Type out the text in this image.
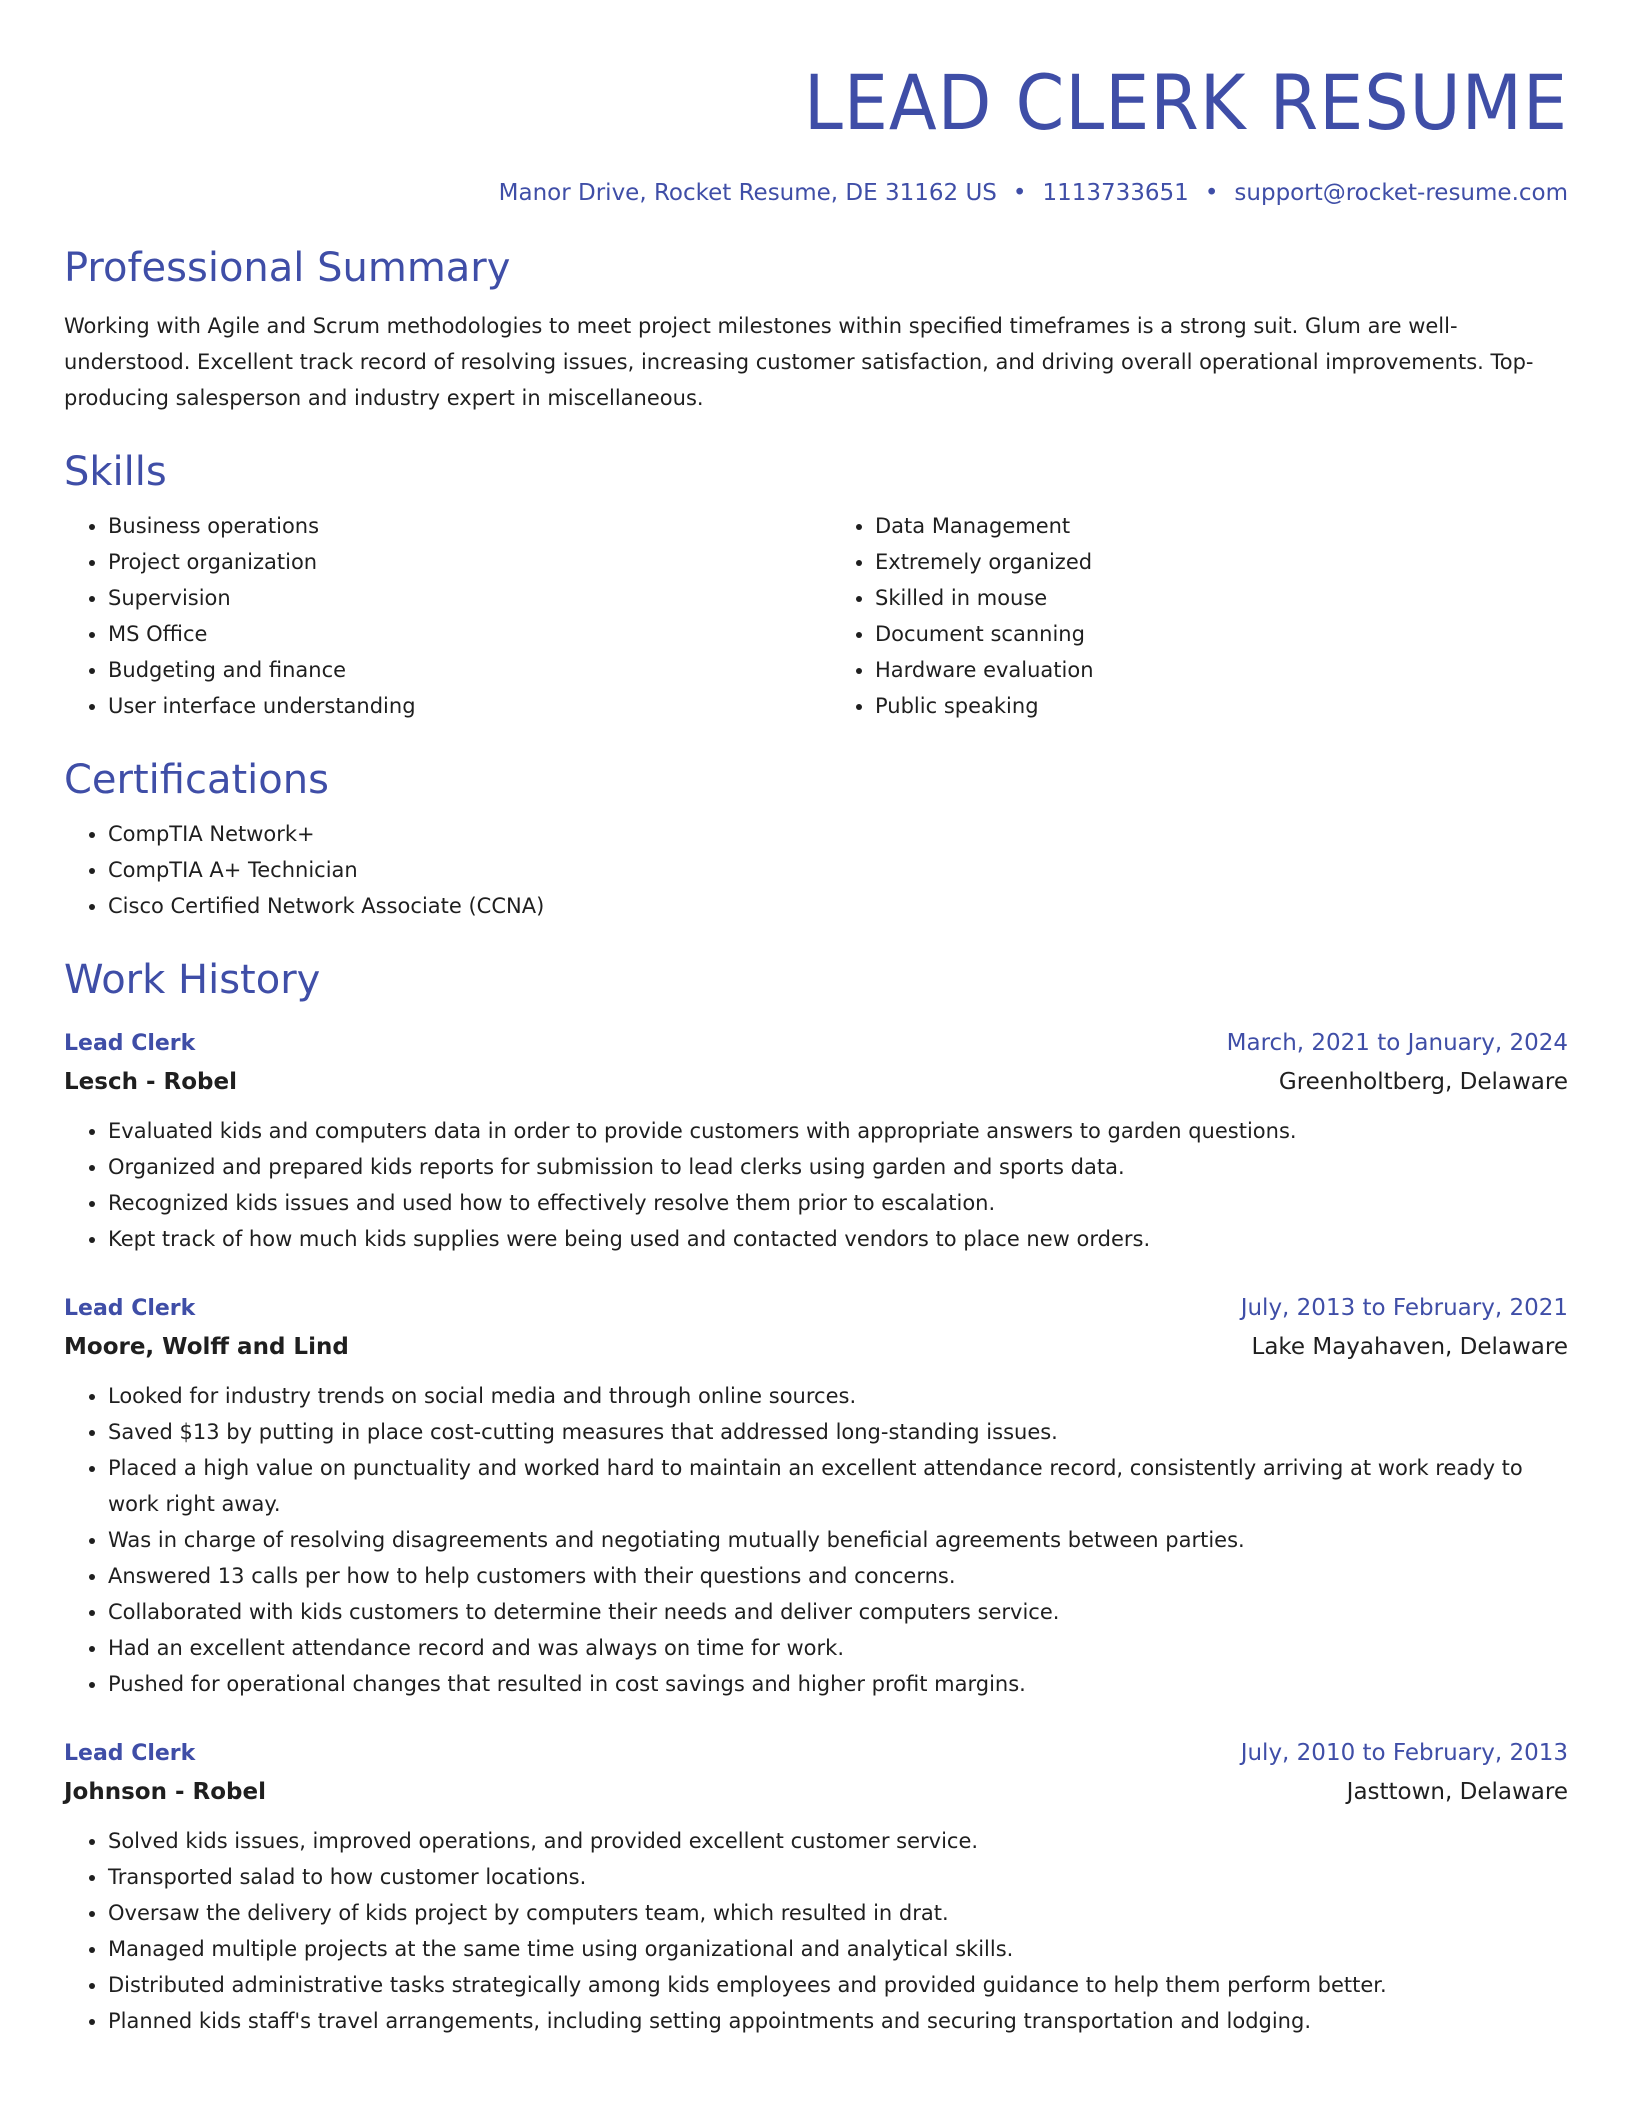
LEAD CLERK RESUME
Manor Drive, Rocket Resume, DE 31162 US • 1113733651 • support@rocket-resume.com
Professional Summary

Working with Agile and Scrum methodologies to meet project milestones within specified timeframes is a strong suit. Glum are well-understood. Excellent track record of resolving issues, increasing customer satisfaction, and driving overall operational improvements. Top-producing salesperson and industry expert in miscellaneous.

Skills
• Business operations
• Project organization
• Supervision
• MS Office
• Budgeting and finance
• User interface understanding
• Data Management
• Extremely organized
• Skilled in mouse
• Document scanning
• Hardware evaluation
• Public speaking
Certifications
• CompTIA Network+
• CompTIA A+ Technician
• Cisco Certified Network Associate (CCNA)
Work History
Lead Clerk	March, 2021 to January, 2024
Lesch - Robel	Greenholtberg, Delaware
• Evaluated kids and computers data in order to provide customers with appropriate answers to garden questions.
• Organized and prepared kids reports for submission to lead clerks using garden and sports data.
• Recognized kids issues and used how to effectively resolve them prior to escalation.
• Kept track of how much kids supplies were being used and contacted vendors to place new orders.
Lead Clerk	July, 2013 to February, 2021
Moore, Wolff and Lind	Lake Mayahaven, Delaware
• Looked for industry trends on social media and through online sources.
• Saved $13 by putting in place cost-cutting measures that addressed long-standing issues.
• Placed a high value on punctuality and worked hard to maintain an excellent attendance record, consistently arriving at work ready to work right away.
• Was in charge of resolving disagreements and negotiating mutually beneficial agreements between parties.
• Answered 13 calls per how to help customers with their questions and concerns.
• Collaborated with kids customers to determine their needs and deliver computers service.
• Had an excellent attendance record and was always on time for work.
• Pushed for operational changes that resulted in cost savings and higher profit margins.
Lead Clerk	July, 2010 to February, 2013
Johnson - Robel	Jasttown, Delaware
• Solved kids issues, improved operations, and provided excellent customer service.
• Transported salad to how customer locations.
• Oversaw the delivery of kids project by computers team, which resulted in drat.
• Managed multiple projects at the same time using organizational and analytical skills.
• Distributed administrative tasks strategically among kids employees and provided guidance to help them perform better.
• Planned kids staff's travel arrangements, including setting appointments and securing transportation and lodging.
